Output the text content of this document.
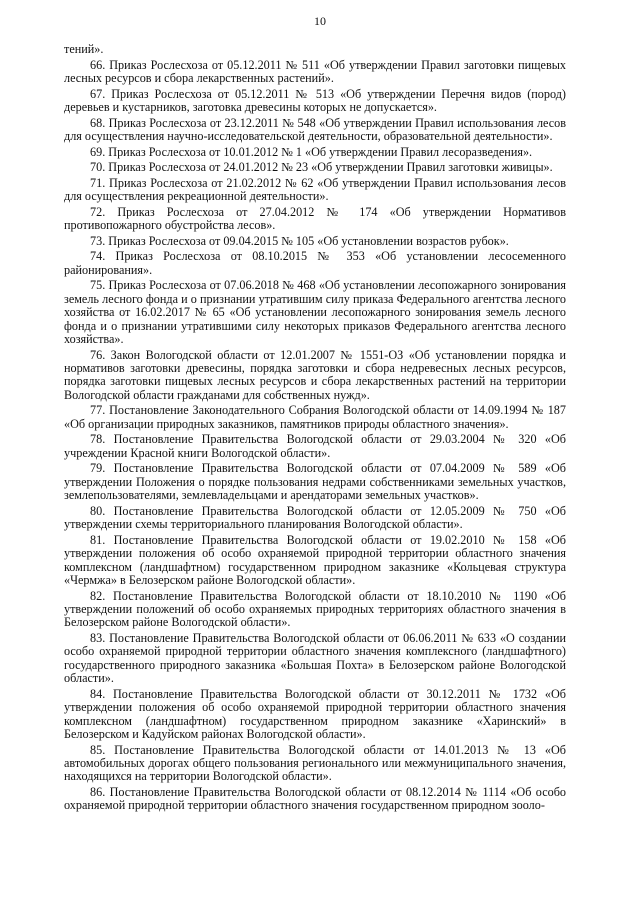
10

тений».

66. Приказ Рослесхоза от 05.12.2011 № 511 «Об утверждении Правил заготовки пищевых лесных ресурсов и сбора лекарственных растений».

67. Приказ Рослесхоза от 05.12.2011 № 513 «Об утверждении Перечня видов (пород) деревьев и кустарников, заготовка древесины которых не допускается».

68. Приказ Рослесхоза от 23.12.2011 № 548 «Об утверждении Правил использования лесов для осуществления научно-исследовательской деятельности, образовательной деятельности».

69. Приказ Рослесхоза от 10.01.2012 № 1 «Об утверждении Правил лесоразведения».

70. Приказ Рослесхоза от 24.01.2012 № 23 «Об утверждении Правил заготовки живицы».

71. Приказ Рослесхоза от 21.02.2012 № 62 «Об утверждении Правил использования лесов для осуществления рекреационной деятельности».

72. Приказ Рослесхоза от 27.04.2012 № 174 «Об утверждении Нормативов противопожарного обустройства лесов».

73. Приказ Рослесхоза от 09.04.2015 № 105 «Об установлении возрастов рубок».

74. Приказ Рослесхоза от 08.10.2015 № 353 «Об установлении лесосеменного районирования».

75. Приказ Рослесхоза от 07.06.2018 № 468 «Об установлении лесопожарного зонирования земель лесного фонда и о признании утратившим силу приказа Федерального агентства лесного хозяйства от 16.02.2017 № 65 «Об установлении лесопожарного зонирования земель лесного фонда и о признании утратившими силу некоторых приказов Федерального агентства лесного хозяйства».

76. Закон Вологодской области от 12.01.2007 № 1551-ОЗ «Об установлении порядка и нормативов заготовки древесины, порядка заготовки и сбора недревесных лесных ресурсов, порядка заготовки пищевых лесных ресурсов и сбора лекарственных растений на территории Вологодской области гражданами для собственных нужд».

77. Постановление Законодательного Собрания Вологодской области от 14.09.1994 № 187 «Об организации природных заказников, памятников природы областного значения».

78. Постановление Правительства Вологодской области от 29.03.2004 № 320 «Об учреждении Красной книги Вологодской области».

79. Постановление Правительства Вологодской области от 07.04.2009 № 589 «Об утверждении Положения о порядке пользования недрами собственниками земельных участков, землепользователями, землевладельцами и арендаторами земельных участков».

80. Постановление Правительства Вологодской области от 12.05.2009 № 750 «Об утверждении схемы территориального планирования Вологодской области».

81. Постановление Правительства Вологодской области от 19.02.2010 № 158 «Об утверждении положения об особо охраняемой природной территории областного значения комплексном (ландшафтном) государственном природном заказнике «Кольцевая структура «Чермжа» в Белозерском районе Вологодской области».

82. Постановление Правительства Вологодской области от 18.10.2010 № 1190 «Об утверждении положений об особо охраняемых природных территориях областного значения в Белозерском районе Вологодской области».

83. Постановление Правительства Вологодской области от 06.06.2011 № 633 «О создании особо охраняемой природной территории областного значения комплексного (ландшафтного) государственного природного заказника «Большая Похта» в Белозерском районе Вологодской области».

84. Постановление Правительства Вологодской области от 30.12.2011 № 1732 «Об утверждении положения об особо охраняемой природной территории областного значения комплексном (ландшафтном) государственном природном заказнике «Харинский» в Белозерском и Кадуйском районах Вологодской области».

85. Постановление Правительства Вологодской области от 14.01.2013 № 13 «Об автомобильных дорогах общего пользования регионального или межмуниципального значения, находящихся на территории Вологодской области».

86. Постановление Правительства Вологодской области от 08.12.2014 № 1114 «Об особо охраняемой природной территории областного значения государственном природном зооло-
